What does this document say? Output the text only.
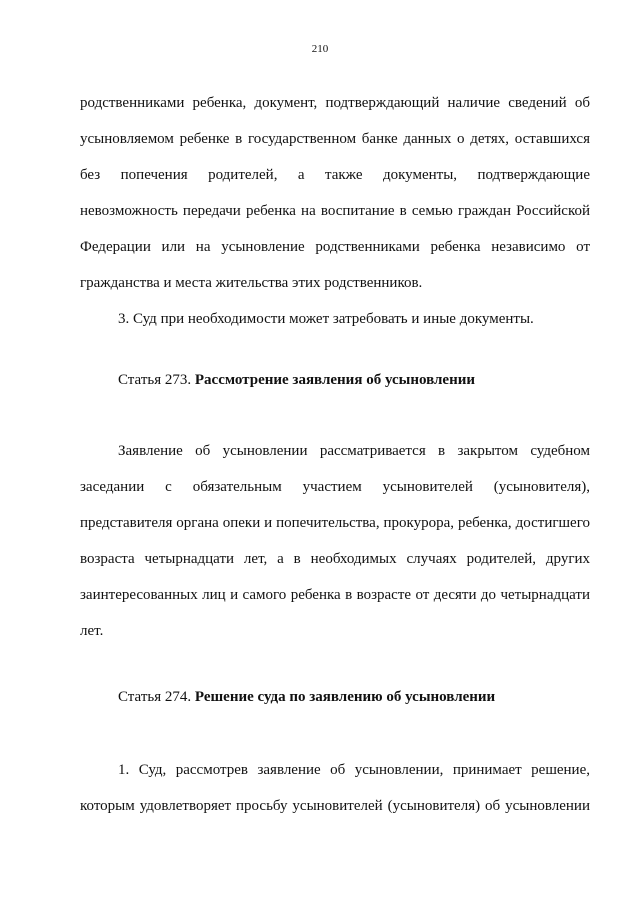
210

родственниками ребенка, документ, подтверждающий наличие сведений об

усыновляемом ребенке в государственном банке данных о детях, оставшихся

без попечения родителей, а также документы, подтверждающие

невозможность передачи ребенка на воспитание в семью граждан Российской

Федерации или на усыновление родственниками ребенка независимо от

гражданства и места жительства этих родственников.

3. Суд при необходимости может затребовать и иные документы.

Статья 273. Рассмотрение заявления об усыновлении

Заявление об усыновлении рассматривается в закрытом судебном

заседании с обязательным участием усыновителей (усыновителя),

представителя органа опеки и попечительства, прокурора, ребенка, достигшего

возраста четырнадцати лет, а в необходимых случаях родителей, других

заинтересованных лиц и самого ребенка в возрасте от десяти до четырнадцати

лет.

Статья 274. Решение суда по заявлению об усыновлении

1. Суд, рассмотрев заявление об усыновлении, принимает решение,

которым удовлетворяет просьбу усыновителей (усыновителя) об усыновлении
